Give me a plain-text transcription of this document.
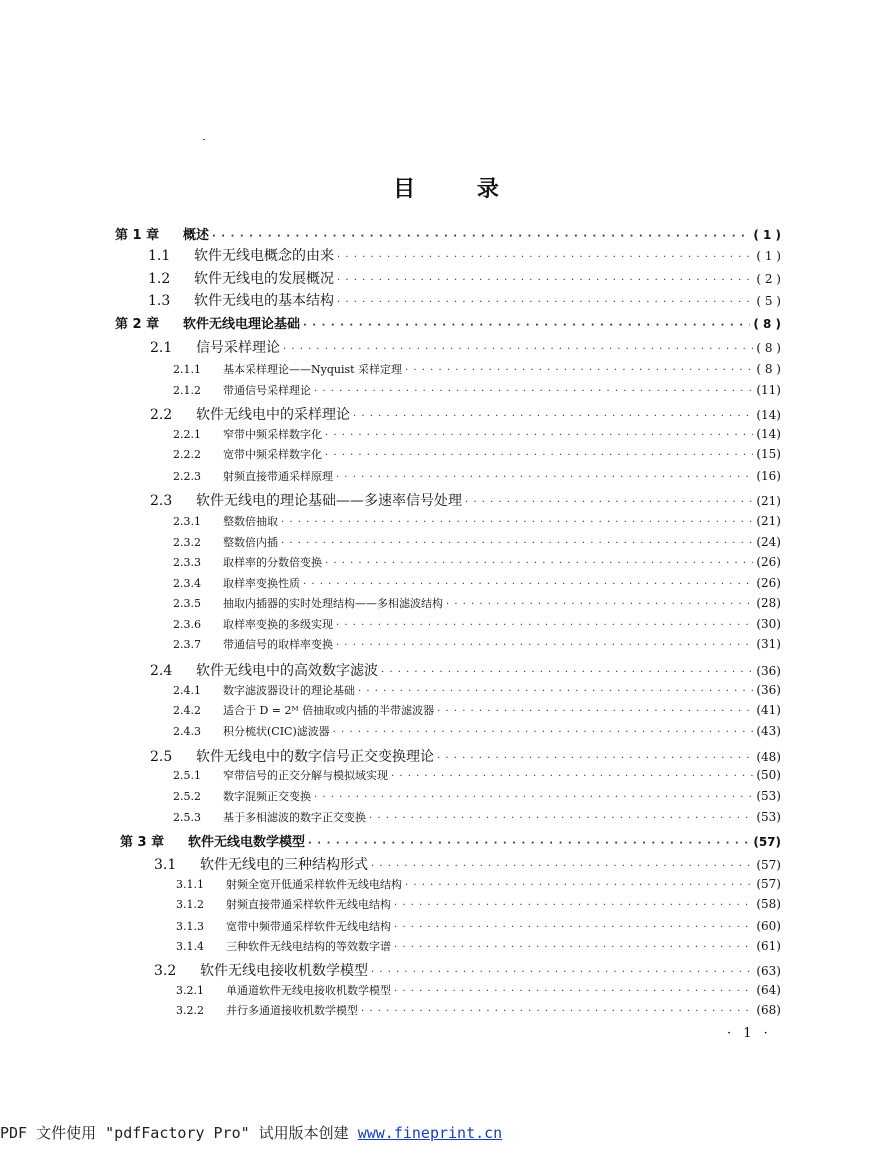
目 录
第 1 章	概述 · · ·	( 1 )
1.1	软件无线电概念的由来 · · ·	( 1 )
1.2	软件无线电的发展概况 · · ·	( 2 )
1.3	软件无线电的基本结构 · · ·	( 5 )
第 2 章	软件无线电理论基础 · · ·	( 8 )
2.1	信号采样理论 · · ·	( 8 )
2.1.1	基本采样理论——Nyquist 采样定理 · · ·	( 8 )
2.1.2	带通信号采样理论 · · ·	(11)
2.2	软件无线电中的采样理论 · · ·	(14)
2.2.1	窄带中频采样数字化 · · ·	(14)
2.2.2	宽带中频采样数字化 · · ·	(15)
2.2.3	射频直接带通采样原理 · · ·	(16)
2.3	软件无线电的理论基础——多速率信号处理 · · ·	(21)
2.3.1	整数倍抽取 · · ·	(21)
2.3.2	整数倍内插 · · ·	(24)
2.3.3	取样率的分数倍变换 · · ·	(26)
2.3.4	取样率变换性质 · · ·	(26)
2.3.5	抽取内插器的实时处理结构——多相滤波结构 · · ·	(28)
2.3.6	取样率变换的多级实现 · · ·	(30)
2.3.7	带通信号的取样率变换 · · ·	(31)
2.4	软件无线电中的高效数字滤波 · · ·	(36)
2.4.1	数字滤波器设计的理论基础 · · ·	(36)
2.4.2	适合于 D = 2ᴹ 倍抽取或内插的半带滤波器 · · ·	(41)
2.4.3	积分梳状(CIC)滤波器 · · ·	(43)
2.5	软件无线电中的数字信号正交变换理论 · · ·	(48)
2.5.1	窄带信号的正交分解与模拟域实现 · · ·	(50)
2.5.2	数字混频正交变换 · · ·	(53)
2.5.3	基于多相滤波的数字正交变换 · · ·	(53)
第 3 章	软件无线电数学模型 · · ·	(57)
3.1	软件无线电的三种结构形式 · · ·	(57)
3.1.1	射频全宽开低通采样软件无线电结构 · · ·	(57)
3.1.2	射频直接带通采样软件无线电结构 · · ·	(58)
3.1.3	宽带中频带通采样软件无线电结构 · · ·	(60)
3.1.4	三种软件无线电结构的等效数字谱 · · ·	(61)
3.2	软件无线电接收机数学模型 · · ·	(63)
3.2.1	单通道软件无线电接收机数学模型 · · ·	(64)
3.2.2	并行多通道接收机数学模型 · · ·	(68)
· 1 ·
PDF 文件使用 "pdfFactory Pro" 试用版本创建 www.fineprint.cn
